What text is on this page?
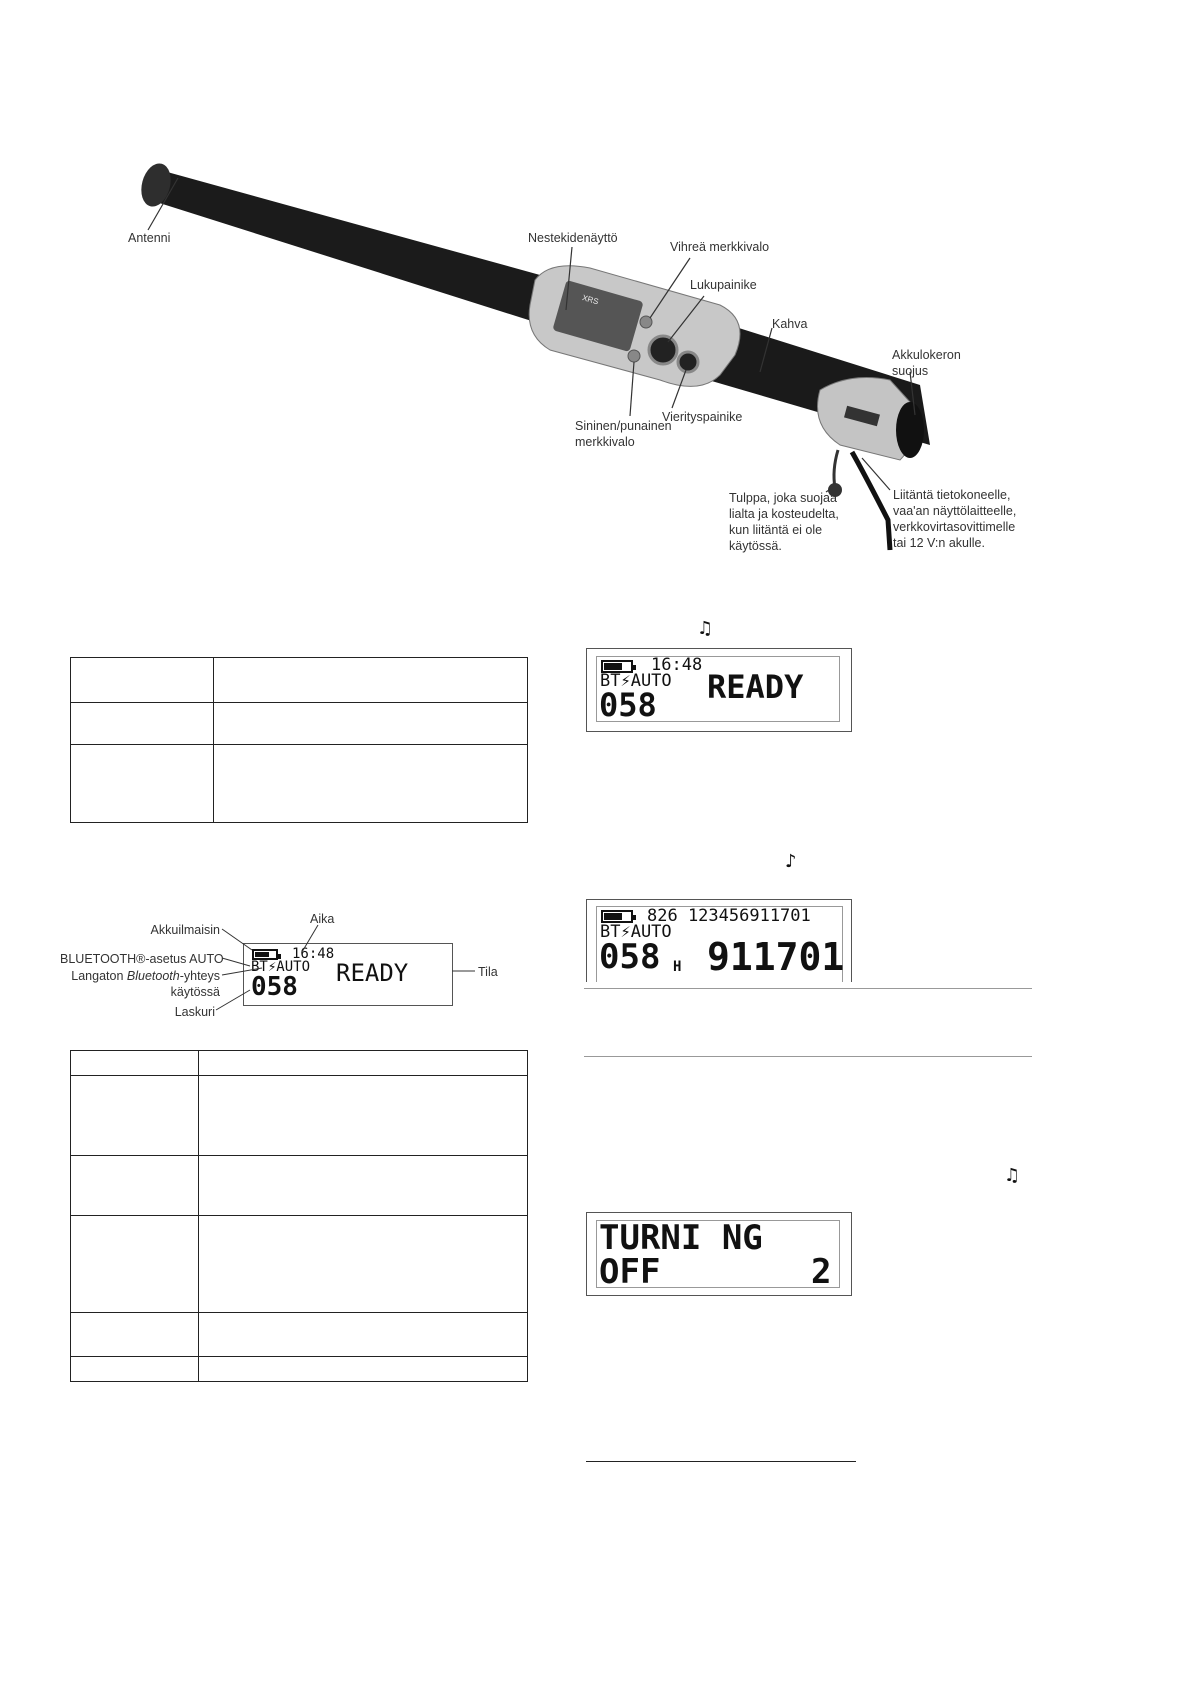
XRS
Antenni	Nestekidenäyttö
Vihreä merkkivalo
Lukupainike
Kahva
Akkulokeron suojus
Sininen/punainen merkkivalo
Vierityspainike
Tulppa, joka suojaa lialta ja kosteudelta, kun liitäntä ei ole käytössä.
Liitäntä tietokoneelle, vaa'an näyttölaitteelle, verkkovirtasovittimelle tai 12 V:n akulle.

Aika
Akkuilmaisin
BLUETOOTH®-asetus AUTO
Langaton Bluetooth-yhteys
käytössä
Laskuri
Tila
16:48
BT⚡AUTO
058 READY

♫
16:48
BT⚡AUTO
058 READY
♪
826 123456911701
BT⚡AUTO
058 H 911701
♫
TURNI NG
OFF	2
